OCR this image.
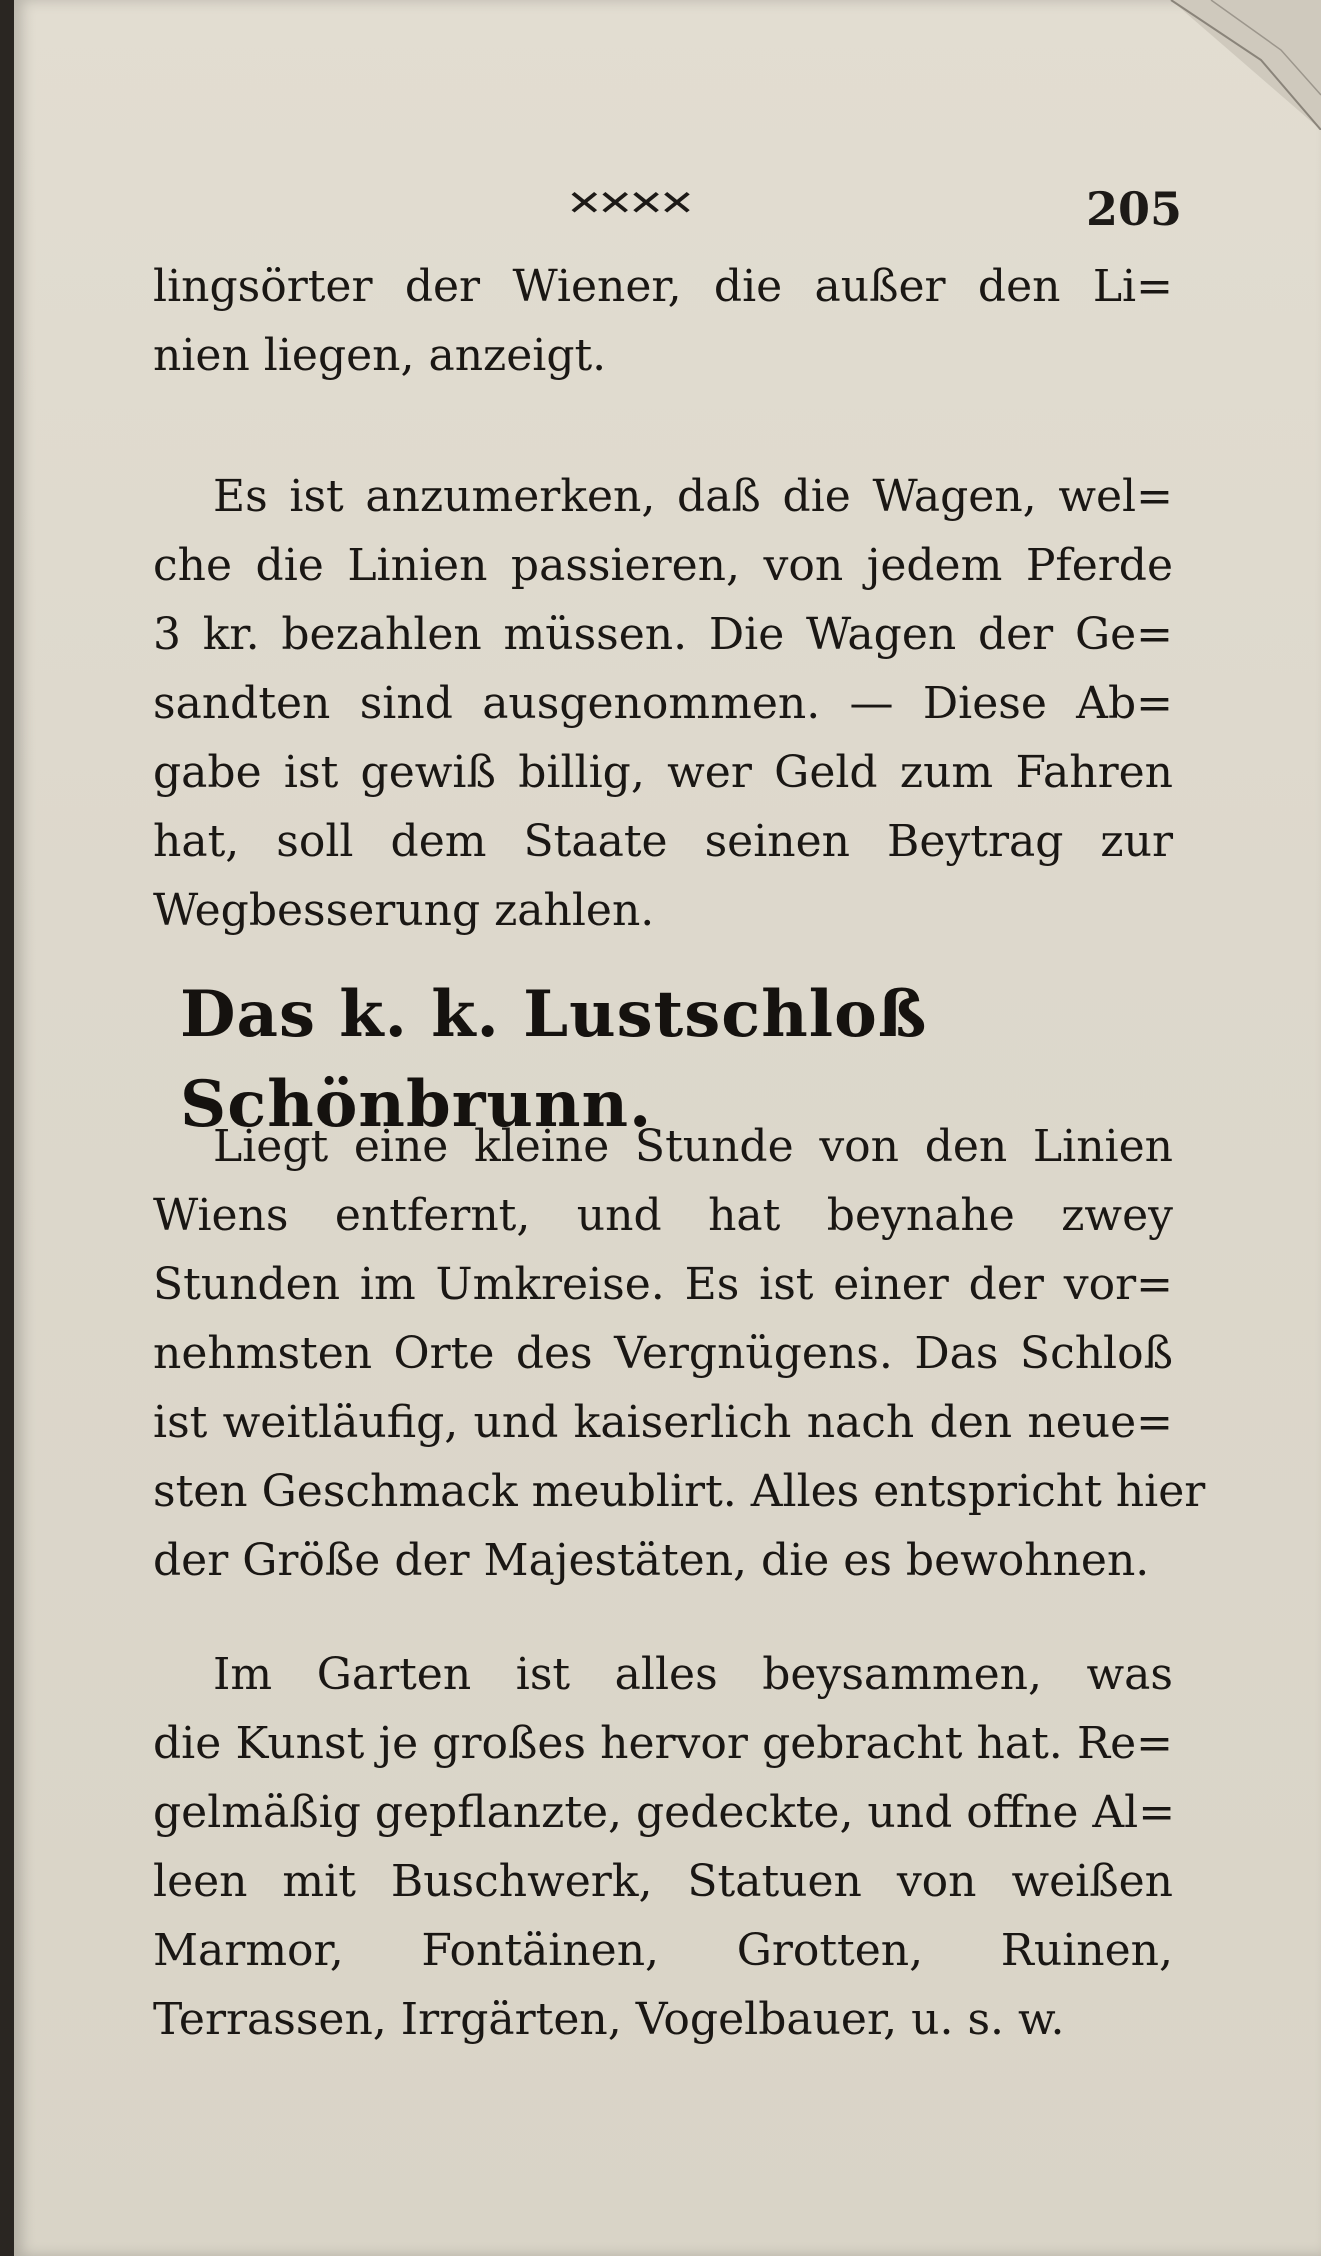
✕✕✕✕	205

lingsörter der Wiener, die außer den Li=
nien liegen, anzeigt.

Es ist anzumerken, daß die Wagen, wel=
che die Linien passieren, von jedem Pferde
3 kr. bezahlen müssen. Die Wagen der Ge=
sandten sind ausgenommen. — Diese Ab=
gabe ist gewiß billig, wer Geld zum Fahren
hat, soll dem Staate seinen Beytrag zur
Wegbesserung zahlen.

Das k. k. Lustschloß Schönbrunn.

Liegt eine kleine Stunde von den Linien
Wiens entfernt, und hat beynahe zwey
Stunden im Umkreise. Es ist einer der vor=
nehmsten Orte des Vergnügens. Das Schloß
ist weitläufig, und kaiserlich nach den neue=
sten Geschmack meublirt. Alles entspricht hier
der Größe der Majestäten, die es bewohnen.

Im Garten ist alles beysammen, was
die Kunst je großes hervor gebracht hat. Re=
gelmäßig gepflanzte, gedeckte, und offne Al=
leen mit Buschwerk, Statuen von weißen
Marmor, Fontäinen, Grotten, Ruinen,
Terrassen, Irrgärten, Vogelbauer, u. s. w.
